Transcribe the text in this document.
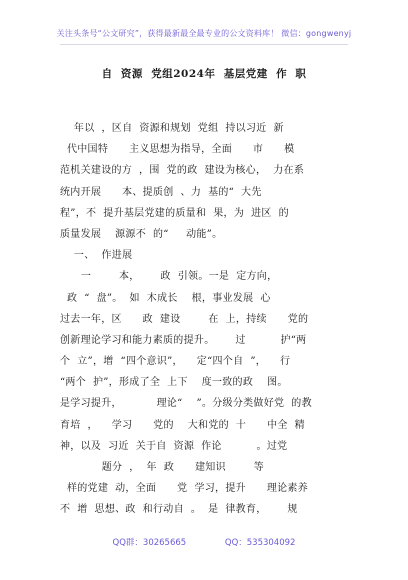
关注头条号“公文研究”，获得最新最全最专业的公文资料库！ 微信：gongwenyj
自  资源  党组2024年  基层党建  作  职
年以  ，区自  资源和规划  党组  持以习近  新
代中国特      主义思想为指导，全面      市      模
范机关建设的方  ，围  党的政  建设为核心，  力在系
统内开展      本、提质创  、力  基的“  大先
程”，不  提升基层党建的质量和  果，为  进区  的
质量发展    源源不  的“     动能”。
一、  作进展
一        本，      政  引领。一是  定方向，
政  “  盘”。  如  木成长    根，事业发展  心
过去一年，区      政  建设        在  上，持续      党的
创新理论学习和能力素质的提升。      过          护“两
个  立”，增  “四个意识”，    定“四个自  ”，    行
“两个  护”，形成了全  上下    度一致的政    图。
是学习提升，          理论“    ”。分级分类做好党  的教
育培  ，    学习      党的    大和党的  十      中全  精
神，以及  习近  关于自  资源  作论          。过党
题分  ，  年  政      建知识        等
样的党建  动，全面      党  学习，提升      理论素养
不  增  思想、政  和行动自  。  是  律教育，      规
QQ群：30265665	QQ：535304092
